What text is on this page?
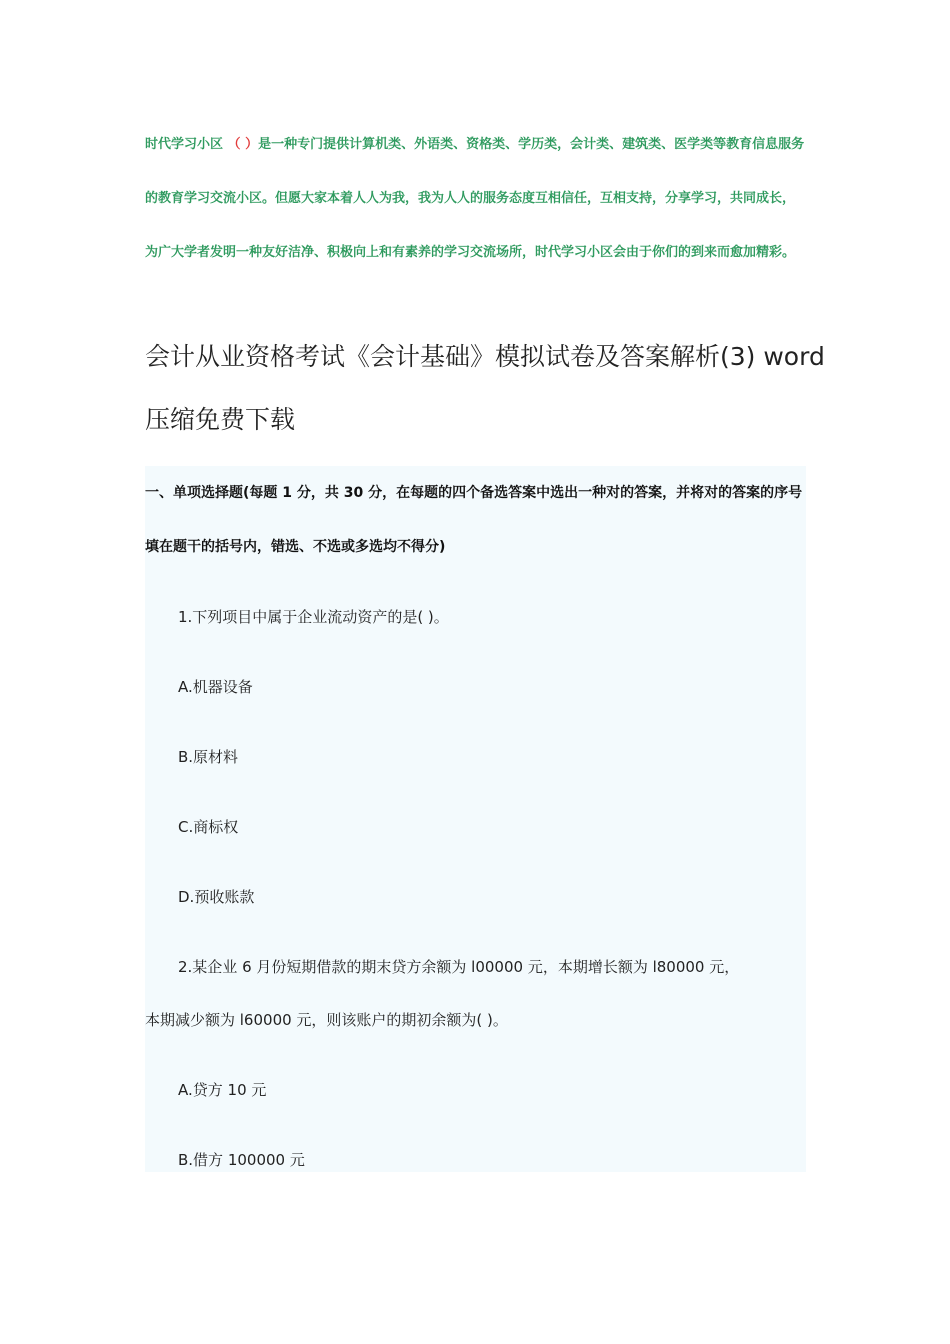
时代学习小区 （ ）是一种专门提供计算机类、外语类、资格类、学历类，会计类、建筑类、医学类等教育信息服务的教育学习交流小区。但愿大家本着人人为我，我为人人的服务态度互相信任，互相支持，分享学习，共同成长，为广大学者发明一种友好洁净、积极向上和有素养的学习交流场所，时代学习小区会由于你们的到来而愈加精彩。
会计从业资格考试《会计基础》模拟试卷及答案解析(3) word压缩免费下载
一、单项选择题(每题 1 分，共 30 分，在每题的四个备选答案中选出一种对的答案，并将对的答案的序号填在题干的括号内，错选、不选或多选均不得分)
1.下列项目中属于企业流动资产的是( )。
A.机器设备
B.原材料
C.商标权
D.预收账款
2.某企业 6 月份短期借款的期末贷方余额为 l00000 元，本期增长额为 l80000 元，
本期减少额为 l60000 元，则该账户的期初余额为( )。
A.贷方 10 元
B.借方 100000 元
